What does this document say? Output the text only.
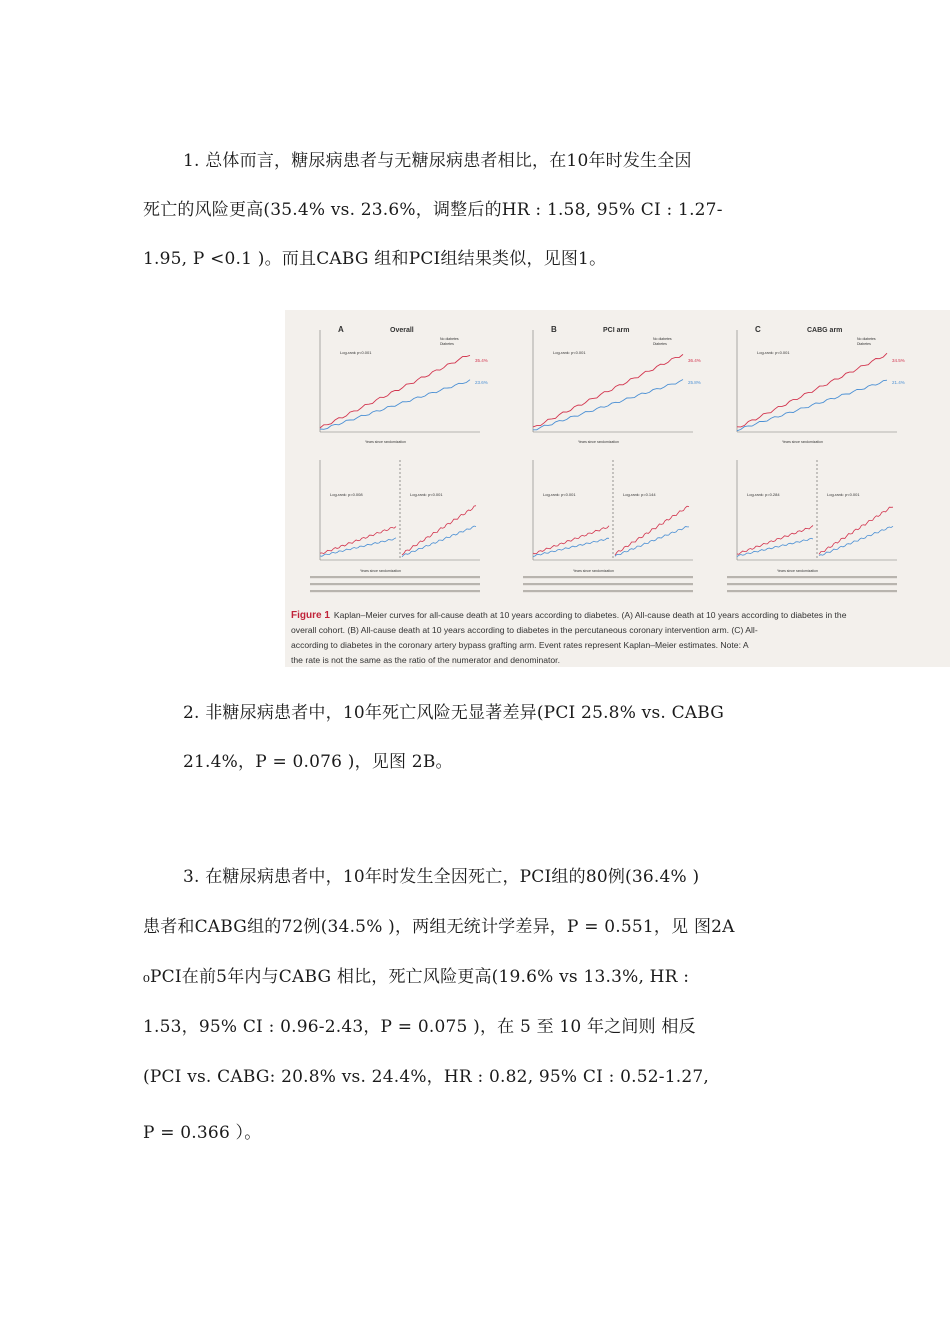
1. 总体而言，糖尿病患者与无糖尿病患者相比，在10年时发生全因
死亡的风险更高(35.4% vs. 23.6%，调整后的HR : 1.58, 95% CI : 1.27-
1.95, P <0.1 )。而且CABG 组和PCI组结果类似，见图1。
A	Overall
Log-rank p<0.001
35.4%
23.6%
No diabetes
Diabetes
Years since randomization
Log-rank: p=0.008	Log-rank: p<0.001
Years since randomization
B	PCI arm
Log-rank: p<0.001
36.4%
25.8%
No diabetes
Diabetes
Years since randomization
Log-rank: p<0.001	Log-rank: p=0.144
Years since randomization
C	CABG arm
Log-rank: p<0.001
34.5%
21.4%
No diabetes
Diabetes
Years since randomization
Log-rank: p=0.284	Log-rank: p<0.001
Years since randomization
Figure 1 Kaplan–Meier curves for all-cause death at 10 years according to diabetes. (A) All-cause death at 10 years according to diabetes in the
overall cohort. (B) All-cause death at 10 years according to diabetes in the percutaneous coronary intervention arm. (C) All-
according to diabetes in the coronary artery bypass grafting arm. Event rates represent Kaplan–Meier estimates. Note: A
the rate is not the same as the ratio of the numerator and denominator.
2. 非糖尿病患者中，10年死亡风险无显著差异(PCI 25.8% vs. CABG
21.4%，P = 0.076 )，见图 2B。
3. 在糖尿病患者中，10年时发生全因死亡，PCI组的80例(36.4% )
患者和CABG组的72例(34.5% )，两组无统计学差异，P = 0.551，见 图2A
₀PCI在前5年内与CABG 相比，死亡风险更高(19.6% vs 13.3%, HR :
1.53，95% CI : 0.96-2.43，P = 0.075 )，在 5 至 10 年之间则 相反
(PCI vs. CABG: 20.8% vs. 24.4%，HR : 0.82, 95% CI : 0.52-1.27,
P = 0.366 ）。
